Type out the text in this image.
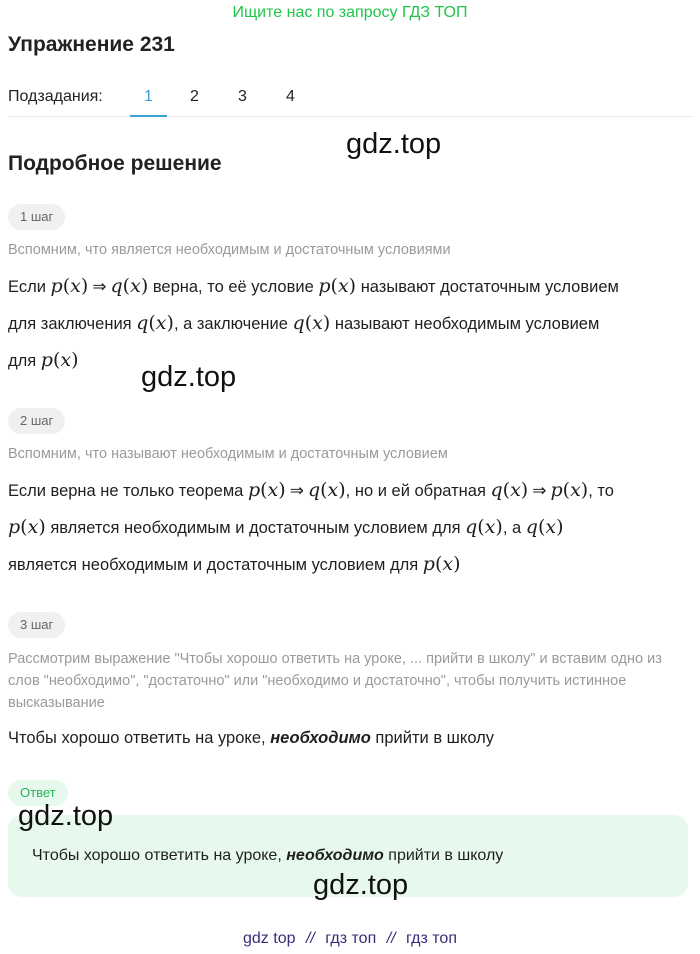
Ищите нас по запросу ГДЗ ТОП
Упражнение 231
Подзадания:	1 2 3 4
gdz.top
Подробное решение
1 шаг
Вспомним, что является необходимым и достаточным условиями
Если p(x) ⇒ q(x) верна, то её условие p(x) называют достаточным условием
для заключения q(x), а заключение q(x) называют необходимым условием
для p(x)
gdz.top
2 шаг
Вспомним, что называют необходимым и достаточным условием
Если верна не только теорема p(x) ⇒ q(x), но и ей обратная q(x) ⇒ p(x), то
p(x) является необходимым и достаточным условием для q(x), а q(x)
является необходимым и достаточным условием для p(x)
3 шаг
Рассмотрим выражение "Чтобы хорошо ответить на уроке, ... прийти в школу" и вставим одно из слов "необходимо", "достаточно" или "необходимо и достаточно", чтобы получить истинное высказывание
Чтобы хорошо ответить на уроке, необходимо прийти в школу
Ответ
Чтобы хорошо ответить на уроке, необходимо прийти в школу
gdz.top
gdz.top
gdz top // гдз топ // гдз топ
